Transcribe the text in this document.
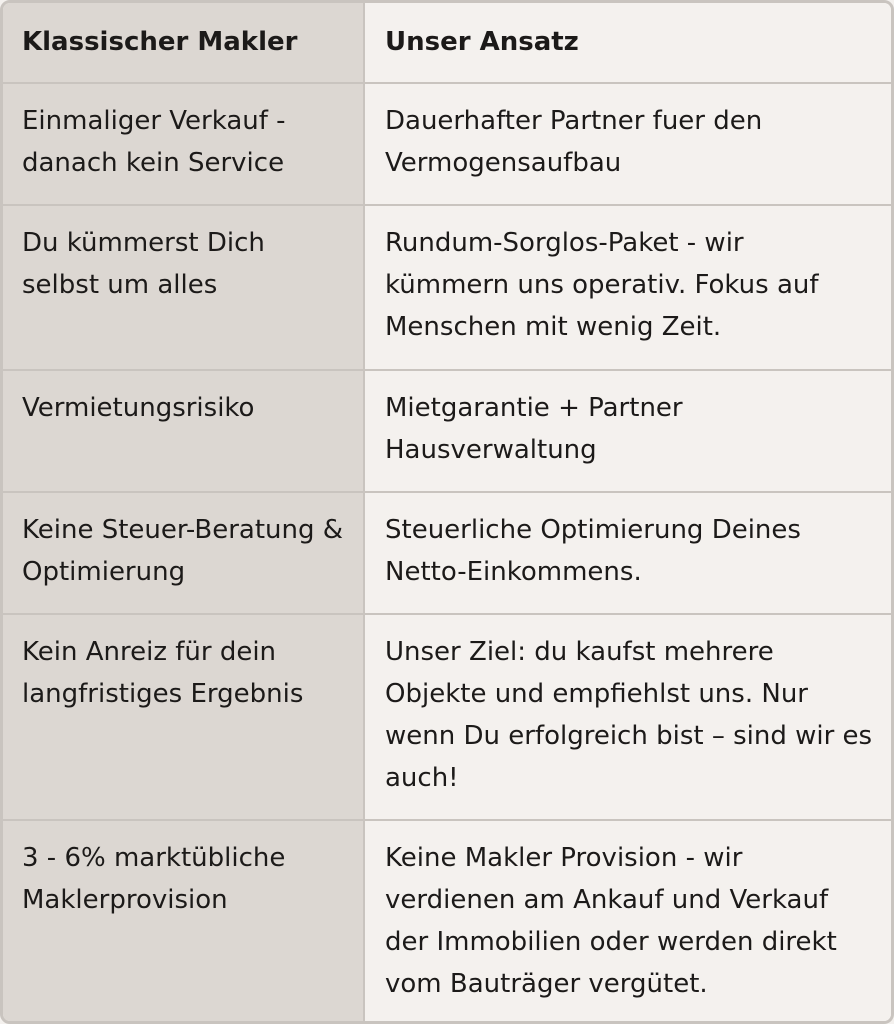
Klassischer Makler	Unser Ansatz
Einmaliger Verkauf - danach kein Service	Dauerhafter Partner fuer den Vermogensaufbau
Du kümmerst Dich selbst um alles	Rundum-Sorglos-Paket - wir kümmern uns operativ. Fokus auf Menschen mit wenig Zeit.
Vermietungsrisiko	Mietgarantie + Partner Hausverwaltung
Keine Steuer-Beratung & Optimierung	Steuerliche Optimierung Deines Netto-Einkommens.
Kein Anreiz für dein langfristiges Ergebnis	Unser Ziel: du kaufst mehrere Objekte und empfiehlst uns. Nur wenn Du erfolgreich bist – sind wir es auch!
3 - 6% marktübliche Maklerprovision	Keine Makler Provision - wir verdienen am Ankauf und Verkauf der Immobilien oder werden direkt vom Bauträger vergütet.
